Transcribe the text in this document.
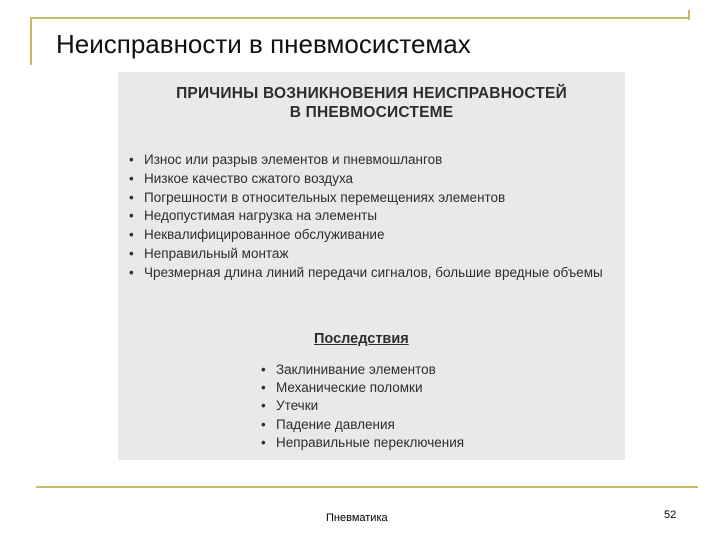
Неисправности в пневмосистемах
ПРИЧИНЫ ВОЗНИКНОВЕНИЯ НЕИСПРАВНОСТЕЙ
В ПНЕВМОСИСТЕМЕ
• Износ или разрыв элементов и пневмошлангов
• Низкое качество сжатого воздуха
• Погрешности в относительных перемещениях элементов
• Недопустимая нагрузка на элементы
• Неквалифицированное обслуживание
• Неправильный монтаж
• Чрезмерная длина линий передачи сигналов, большие вредные объемы
Последствия
• Заклинивание элементов
• Механические поломки
• Утечки
• Падение давления
• Неправильные переключения
Пневматика	52
